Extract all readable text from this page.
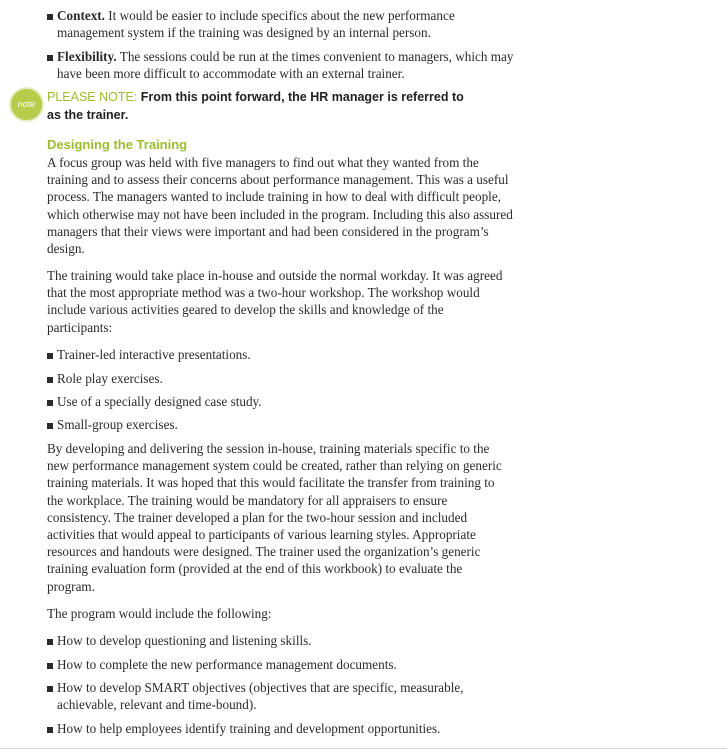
Context. It would be easier to include specifics about the new performance management system if the training was designed by an internal person.
Flexibility. The sessions could be run at the times convenient to managers, which may have been more difficult to accommodate with an external trainer.
note PLEASE NOTE: From this point forward, the HR manager is referred to as the trainer.
Designing the Training
A focus group was held with five managers to find out what they wanted from the training and to assess their concerns about performance management. This was a useful process. The managers wanted to include training in how to deal with difficult people, which otherwise may not have been included in the program. Including this also assured managers that their views were important and had been considered in the program’s design.
The training would take place in-house and outside the normal workday. It was agreed that the most appropriate method was a two-hour workshop. The workshop would include various activities geared to develop the skills and knowledge of the participants:
Trainer-led interactive presentations.
Role play exercises.
Use of a specially designed case study.
Small-group exercises.
By developing and delivering the session in-house, training materials specific to the new performance management system could be created, rather than relying on generic training materials. It was hoped that this would facilitate the transfer from training to the workplace. The training would be mandatory for all appraisers to ensure consistency. The trainer developed a plan for the two-hour session and included activities that would appeal to participants of various learning styles. Appropriate resources and handouts were designed. The trainer used the organization’s generic training evaluation form (provided at the end of this workbook) to evaluate the program.
The program would include the following:
How to develop questioning and listening skills.
How to complete the new performance management documents.
How to develop SMART objectives (objectives that are specific, measurable, achievable, relevant and time-bound).
How to help employees identify training and development opportunities.
